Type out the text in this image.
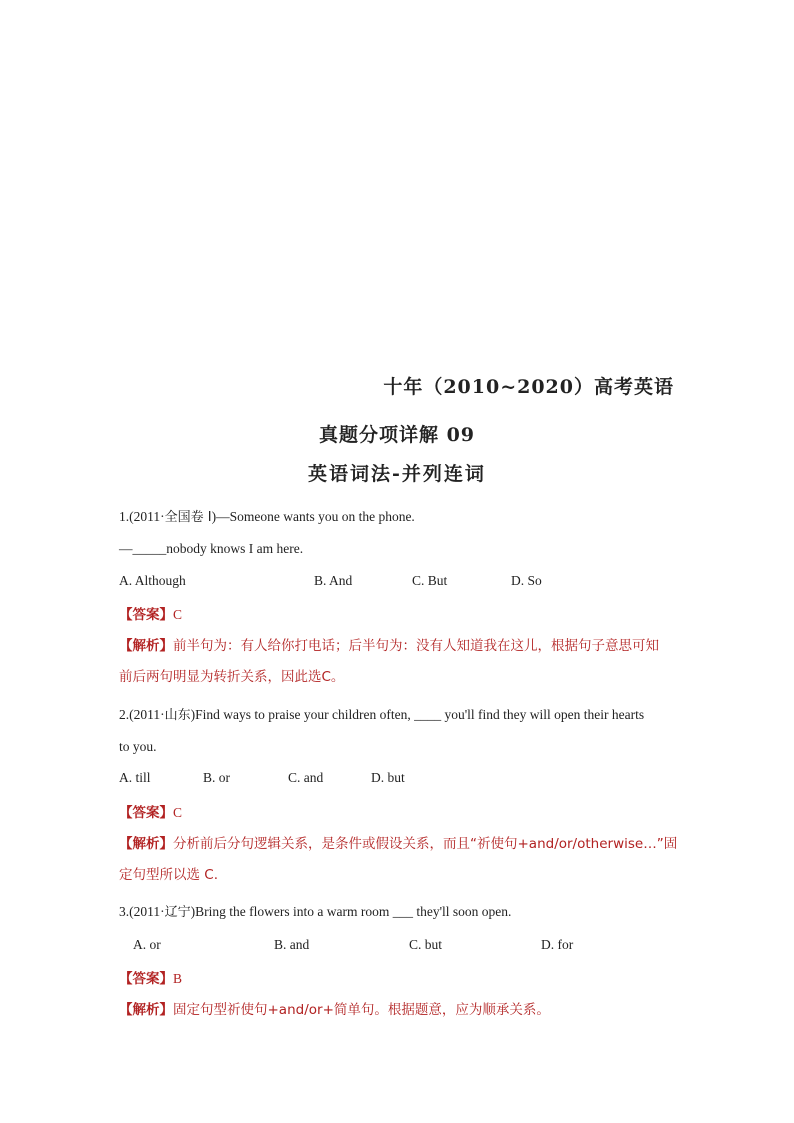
十年（2010~2020）高考英语
真题分项详解 09
英语词法-并列连词
1.(2011·全国卷 I)—Someone wants you on the phone.
—_____nobody knows I am here.
A. Although	B. And	C. But	D. So
【答案】C
【解析】前半句为：有人给你打电话；后半句为：没有人知道我在这儿，根据句子意思可知
前后两句明显为转折关系，因此选C。
2.(2011·山东)Find ways to praise your children often, ____ you'll find they will open their hearts
to you.
A. till	B. or	C. and	D. but
【答案】C
【解析】分析前后分句逻辑关系，是条件或假设关系，而且“祈使句+and/or/otherwise…”固
定句型所以选 C.
3.(2011·辽宁)Bring the flowers into a warm room ___ they'll soon open.
A. or	B. and	C. but	D. for
【答案】B
【解析】固定句型祈使句+and/or+简单句。根据题意，应为顺承关系。
